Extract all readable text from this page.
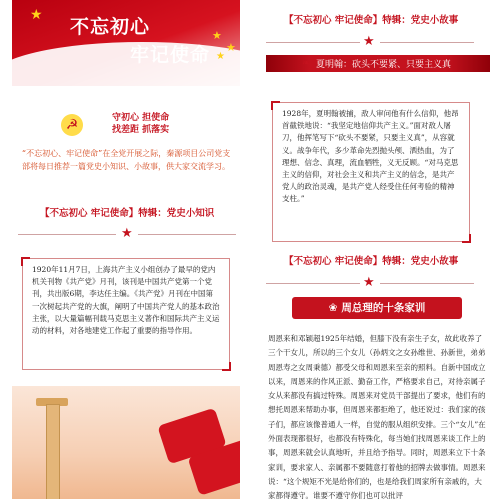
★
★
★
★
不忘初心
牢记使命
☭	守初心 担使命
找差距 抓落实
“不忘初心、牢记使命”在全党开展之际，秦源项目公司党支部将每日推荐一篇党史小知识、小故事，供大家交流学习。
【不忘初心 牢记使命】特辑：党史小知识
★
1920年11月7日，上海共产主义小组创办了最早的党内机关刊物《共产党》月刊，该刊是中国共产党第一个党刊，共出版6期，李达任主编。《共产党》月刊在中国第一次树起共产党的大旗，阐明了中国共产党人的基本政治主张，以大量篇幅刊载马克思主义著作和国际共产主义运动的材料，对各地建党工作起了重要的指导作用。
【不忘初心 牢记使命】特辑：党史小故事
★
❧ 夏明翰：砍头不要紧、只要主义真
1928年，夏明翰被捕，敌人审问他有什么信仰，他昂首截铁地说：“我坚定地信仰共产主义。”面对敌人屠刀，他挥笔写下“砍头不要紧，只要主义真”，从容就义。战争年代，多少革命先烈抛头颅、洒热血，为了理想、信念、真理，流血牺牲，义无反顾。“对马克思主义的信仰，对社会主义和共产主义的信念，是共产党人的政治灵魂，是共产党人经受住任何考验的精神支柱。”
【不忘初心 牢记使命】特辑：党史小故事
★
❀ 周总理的十条家训
周恩来和邓颖超1925年结婚，但膝下没有亲生子女，故此收养了三个干女儿，所以的三个女儿（孙炳文之女孙维世、孙新世，弟弟周恩寿之女周秉德）都受父母和周恩来至亲的照料。自新中国成立以来，周恩来的作风正派、勤奋工作，严格要求自己，对待亲属子女从来都没有搞过特殊。周恩来对党员干部提出了要求，他们有的想托周恩来帮助办事，但周恩来都拒绝了，他还说过：我们家的孩子们，都应该像普通人一样，自觉的服从组织安排。三个“女儿”在外面表现都很好，也都没有特殊化，每当她们找周恩来谈工作上的事，周恩来就会认真地听，并且给予指导。同时，周恩来立下十条家训，要求家人、亲属都不要随意打着他的招牌去做事情。周恩来说：“这个规矩不光是给你们的，也是给我们周家所有亲戚的，大家都得遵守。谁要不遵守你们也可以批评
